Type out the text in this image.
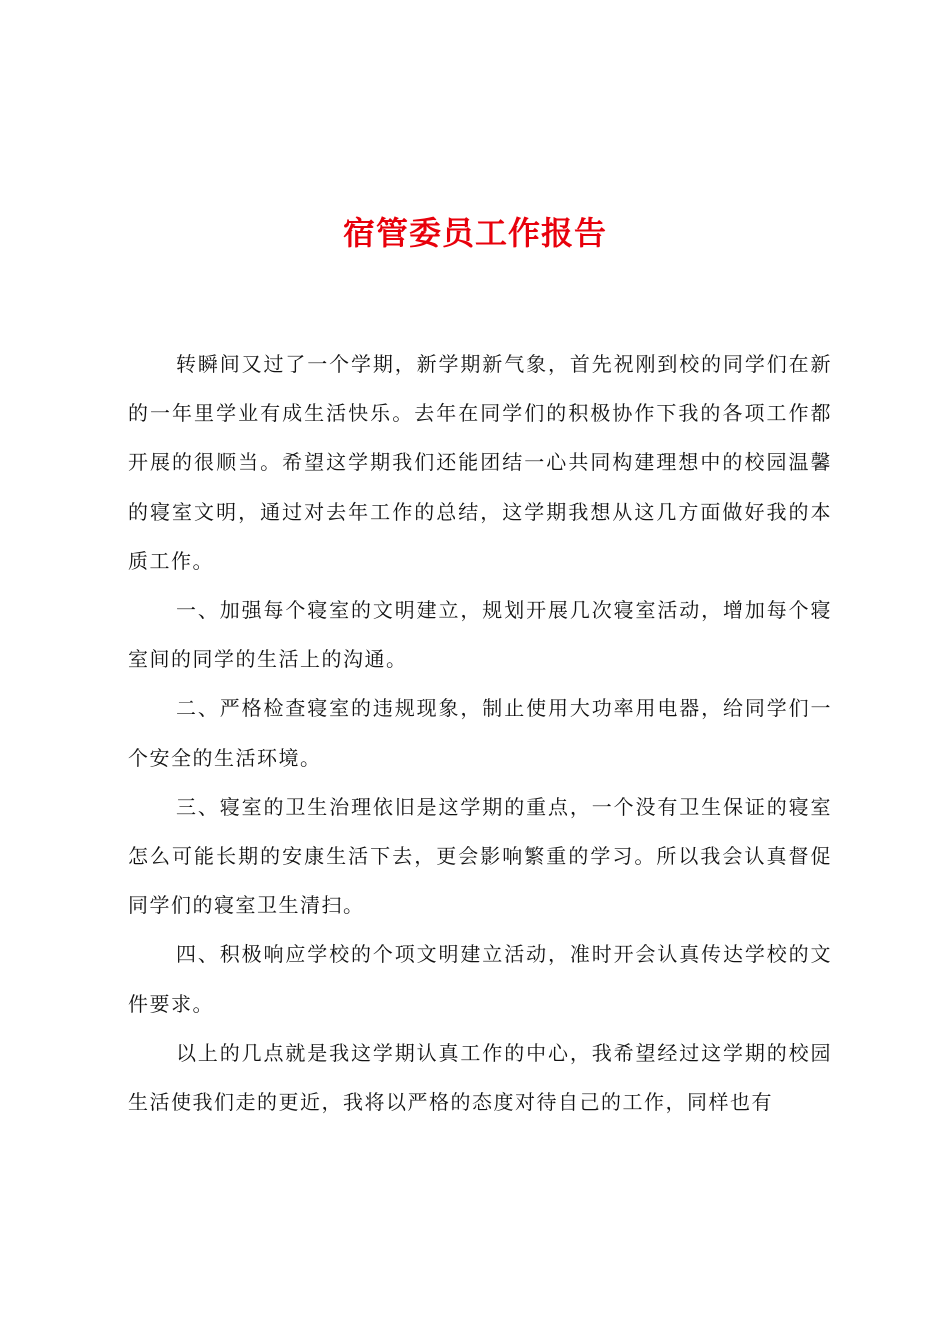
宿管委员工作报告

转瞬间又过了一个学期，新学期新气象，首先祝刚到校的同学们在新的一年里学业有成生活快乐。去年在同学们的积极协作下我的各项工作都开展的很顺当。希望这学期我们还能团结一心共同构建理想中的校园温馨的寝室文明，通过对去年工作的总结，这学期我想从这几方面做好我的本质工作。

一、加强每个寝室的文明建立，规划开展几次寝室活动，增加每个寝室间的同学的生活上的沟通。

二、严格检查寝室的违规现象，制止使用大功率用电器，给同学们一个安全的生活环境。

三、寝室的卫生治理依旧是这学期的重点，一个没有卫生保证的寝室怎么可能长期的安康生活下去，更会影响繁重的学习。所以我会认真督促同学们的寝室卫生清扫。

四、积极响应学校的个项文明建立活动，准时开会认真传达学校的文件要求。

以上的几点就是我这学期认真工作的中心，我希望经过这学期的校园生活使我们走的更近，我将以严格的态度对待自己的工作，同样也有
